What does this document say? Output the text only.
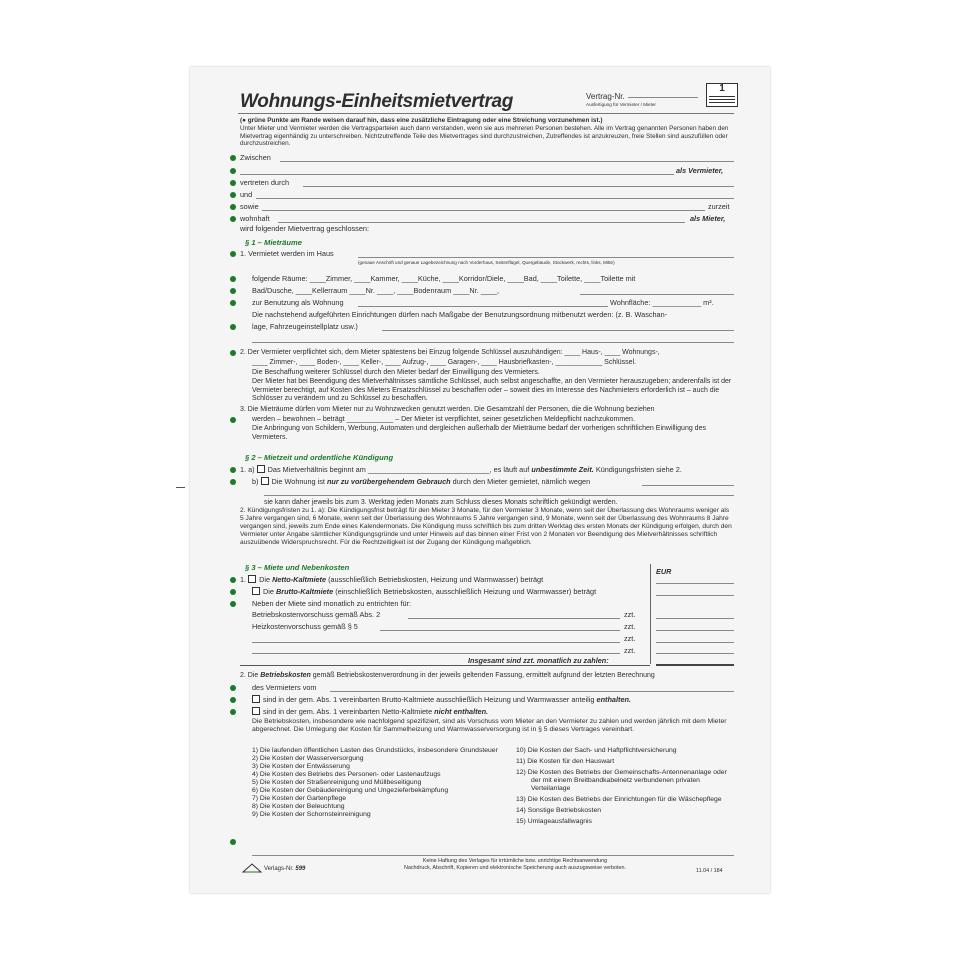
Wohnungs-Einheitsmietvertrag	Vertrag-Nr.
Ausfertigung für Vermieter / Mieter
1
(● grüne Punkte am Rande weisen darauf hin, dass eine zusätzliche Eintragung oder eine Streichung vorzunehmen ist.)
Unter Mieter und Vermieter werden die Vertragsparteien auch dann verstanden, wenn sie aus mehreren Personen bestehen. Alle im Vertrag genannten Personen haben den Mietvertrag eigenhändig zu unterschreiben. Nichtzutreffende Teile des Mietvertrages sind durchzustreichen, Zutreffendes ist anzukreuzen, freie Stellen sind auszufüllen oder durchzustreichen.
Zwischen
als Vermieter,
vertreten durch
und
sowie	zurzeit
wohnhaft	als Mieter,
wird folgender Mietvertrag geschlossen:
§ 1 – Mieträume
1. Vermietet werden im Haus
(genaue Anschrift und genaue Lagebezeichnung nach Vorderhaus, Seitenflügel, Quergebäude, Stockwerk, rechts, links, Mitte)
folgende Räume: ____Zimmer, ____Kammer, ____Küche, ____Korridor/Diele, ____Bad, ____Toilette, ____Toilette mit
Bad/Dusche, ____Kellerraum ____Nr. ____, ____Bodenraum ____Nr. ____,
zur Benutzung als Wohnung	Wohnfläche: ____________ m².
Die nachstehend aufgeführten Einrichtungen dürfen nach Maßgabe der Benutzungsordnung mitbenutzt werden: (z. B. Waschan-
lage, Fahrzeugeinstellplatz usw.)
2. Der Vermieter verpflichtet sich, dem Mieter spätestens bei Einzug folgende Schlüssel auszuhändigen: ____ Haus-, ____ Wohnungs-,
____ Zimmer-, ____ Boden-, ____ Keller-, ____ Aufzug-, ____ Garagen-, ____ Hausbriefkasten-, ____________ Schlüssel.
Die Beschaffung weiterer Schlüssel durch den Mieter bedarf der Einwilligung des Vermieters.
Der Mieter hat bei Beendigung des Mietverhältnisses sämtliche Schlüssel, auch selbst angeschaffte, an den Vermieter herauszugeben; anderenfalls ist der Vermieter berechtigt, auf Kosten des Mieters Ersatzschlüssel zu beschaffen oder – soweit dies im Interesse des Nachmieters erforderlich ist – auch die Schlösser zu verändern und zu Schlüssel zu beschaffen.
3. Die Mieträume dürfen vom Mieter nur zu Wohnzwecken genutzt werden. Die Gesamtzahl der Personen, die die Wohnung beziehen
werden – bewohnen – beträgt ____________ – Der Mieter ist verpflichtet, seiner gesetzlichen Meldepflicht nachzukommen.
Die Anbringung von Schildern, Werbung, Automaten und dergleichen außerhalb der Mieträume bedarf der vorherigen schriftlichen Einwilligung des Vermieters.
§ 2 – Mietzeit und ordentliche Kündigung
1. a) Das Mietverhältnis beginnt am ______________________________, es läuft auf unbestimmte Zeit. Kündigungsfristen siehe 2.
b) Die Wohnung ist nur zu vorübergehendem Gebrauch durch den Mieter gemietet, nämlich wegen
sie kann daher jeweils bis zum 3. Werktag jeden Monats zum Schluss dieses Monats schriftlich gekündigt werden.
2. Kündigungsfristen zu 1. a): Die Kündigungsfrist beträgt für den Mieter 3 Monate, für den Vermieter 3 Monate, wenn seit der Überlassung des Wohnraums weniger als 5 Jahre vergangen sind, 6 Monate, wenn seit der Überlassung des Wohnraums 5 Jahre vergangen sind, 9 Monate, wenn seit der Überlassung des Wohnraums 8 Jahre vergangen sind, jeweils zum Ende eines Kalendermonats. Die Kündigung muss schriftlich bis zum dritten Werktag des ersten Monats der Kündigung erfolgen, durch den Vermieter unter Angabe sämtlicher Kündigungsgründe und unter Hinweis auf das binnen einer Frist von 2 Monaten vor Beendigung des Mietverhältnisses schriftlich auszuübende Widerspruchsrecht. Für die Rechtzeitigkeit ist der Zugang der Kündigung maßgeblich.
§ 3 – Miete und Nebenkosten	EUR
1. Die Netto-Kaltmiete (ausschließlich Betriebskosten, Heizung und Warmwasser) beträgt
Die Brutto-Kaltmiete (einschließlich Betriebskosten, ausschließlich Heizung und Warmwasser) beträgt
Neben der Miete sind monatlich zu entrichten für:
Betriebskostenvorschuss gemäß Abs. 2	zzt.
Heizkostenvorschuss gemäß § 5	zzt.
zzt.
zzt.
Insgesamt sind zzt. monatlich zu zahlen:
2. Die Betriebskosten gemäß Betriebskostenverordnung in der jeweils geltenden Fassung, ermittelt aufgrund der letzten Berechnung
des Vermieters vom
sind in der gem. Abs. 1 vereinbarten Brutto-Kaltmiete ausschließlich Heizung und Warmwasser anteilig enthalten.
sind in der gem. Abs. 1 vereinbarten Netto-Kaltmiete nicht enthalten.
Die Betriebskosten, insbesondere wie nachfolgend spezifiziert, sind als Vorschuss vom Mieter an den Vermieter zu zahlen und werden jährlich mit dem Mieter abgerechnet. Die Umlegung der Kosten für Sammelheizung und Warmwasserversorgung ist in § 5 dieses Vertrages vereinbart.
1) Die laufenden öffentlichen Lasten des Grundstücks, insbesondere Grundsteuer
2) Die Kosten der Wasserversorgung
3) Die Kosten der Entwässerung
4) Die Kosten des Betriebs des Personen- oder Lastenaufzugs
5) Die Kosten der Straßenreinigung und Müllbeseitigung
6) Die Kosten der Gebäudereinigung und Ungezieferbekämpfung
7) Die Kosten der Gartenpflege
8) Die Kosten der Beleuchtung
9) Die Kosten der Schornsteinreinigung
10) Die Kosten der Sach- und Haftpflichtversicherung
11) Die Kosten für den Hauswart
12) Die Kosten des Betriebs der Gemeinschafts-Antennenanlage oder der mit einem Breitbandkabelnetz verbundenen privaten Verteilanlage
13) Die Kosten des Betriebs der Einrichtungen für die Wäschepflege
14) Sonstige Betriebskosten
15) Umlageausfallwagnis
Verlags-Nr. 599
Keine Haftung des Verlages für irrtümliche bzw. unrichtige Rechtsanwendung
Nachdruck, Abschrift, Kopieren und elektronische Speicherung auch auszugsweise verboten.	11.04 / 184
